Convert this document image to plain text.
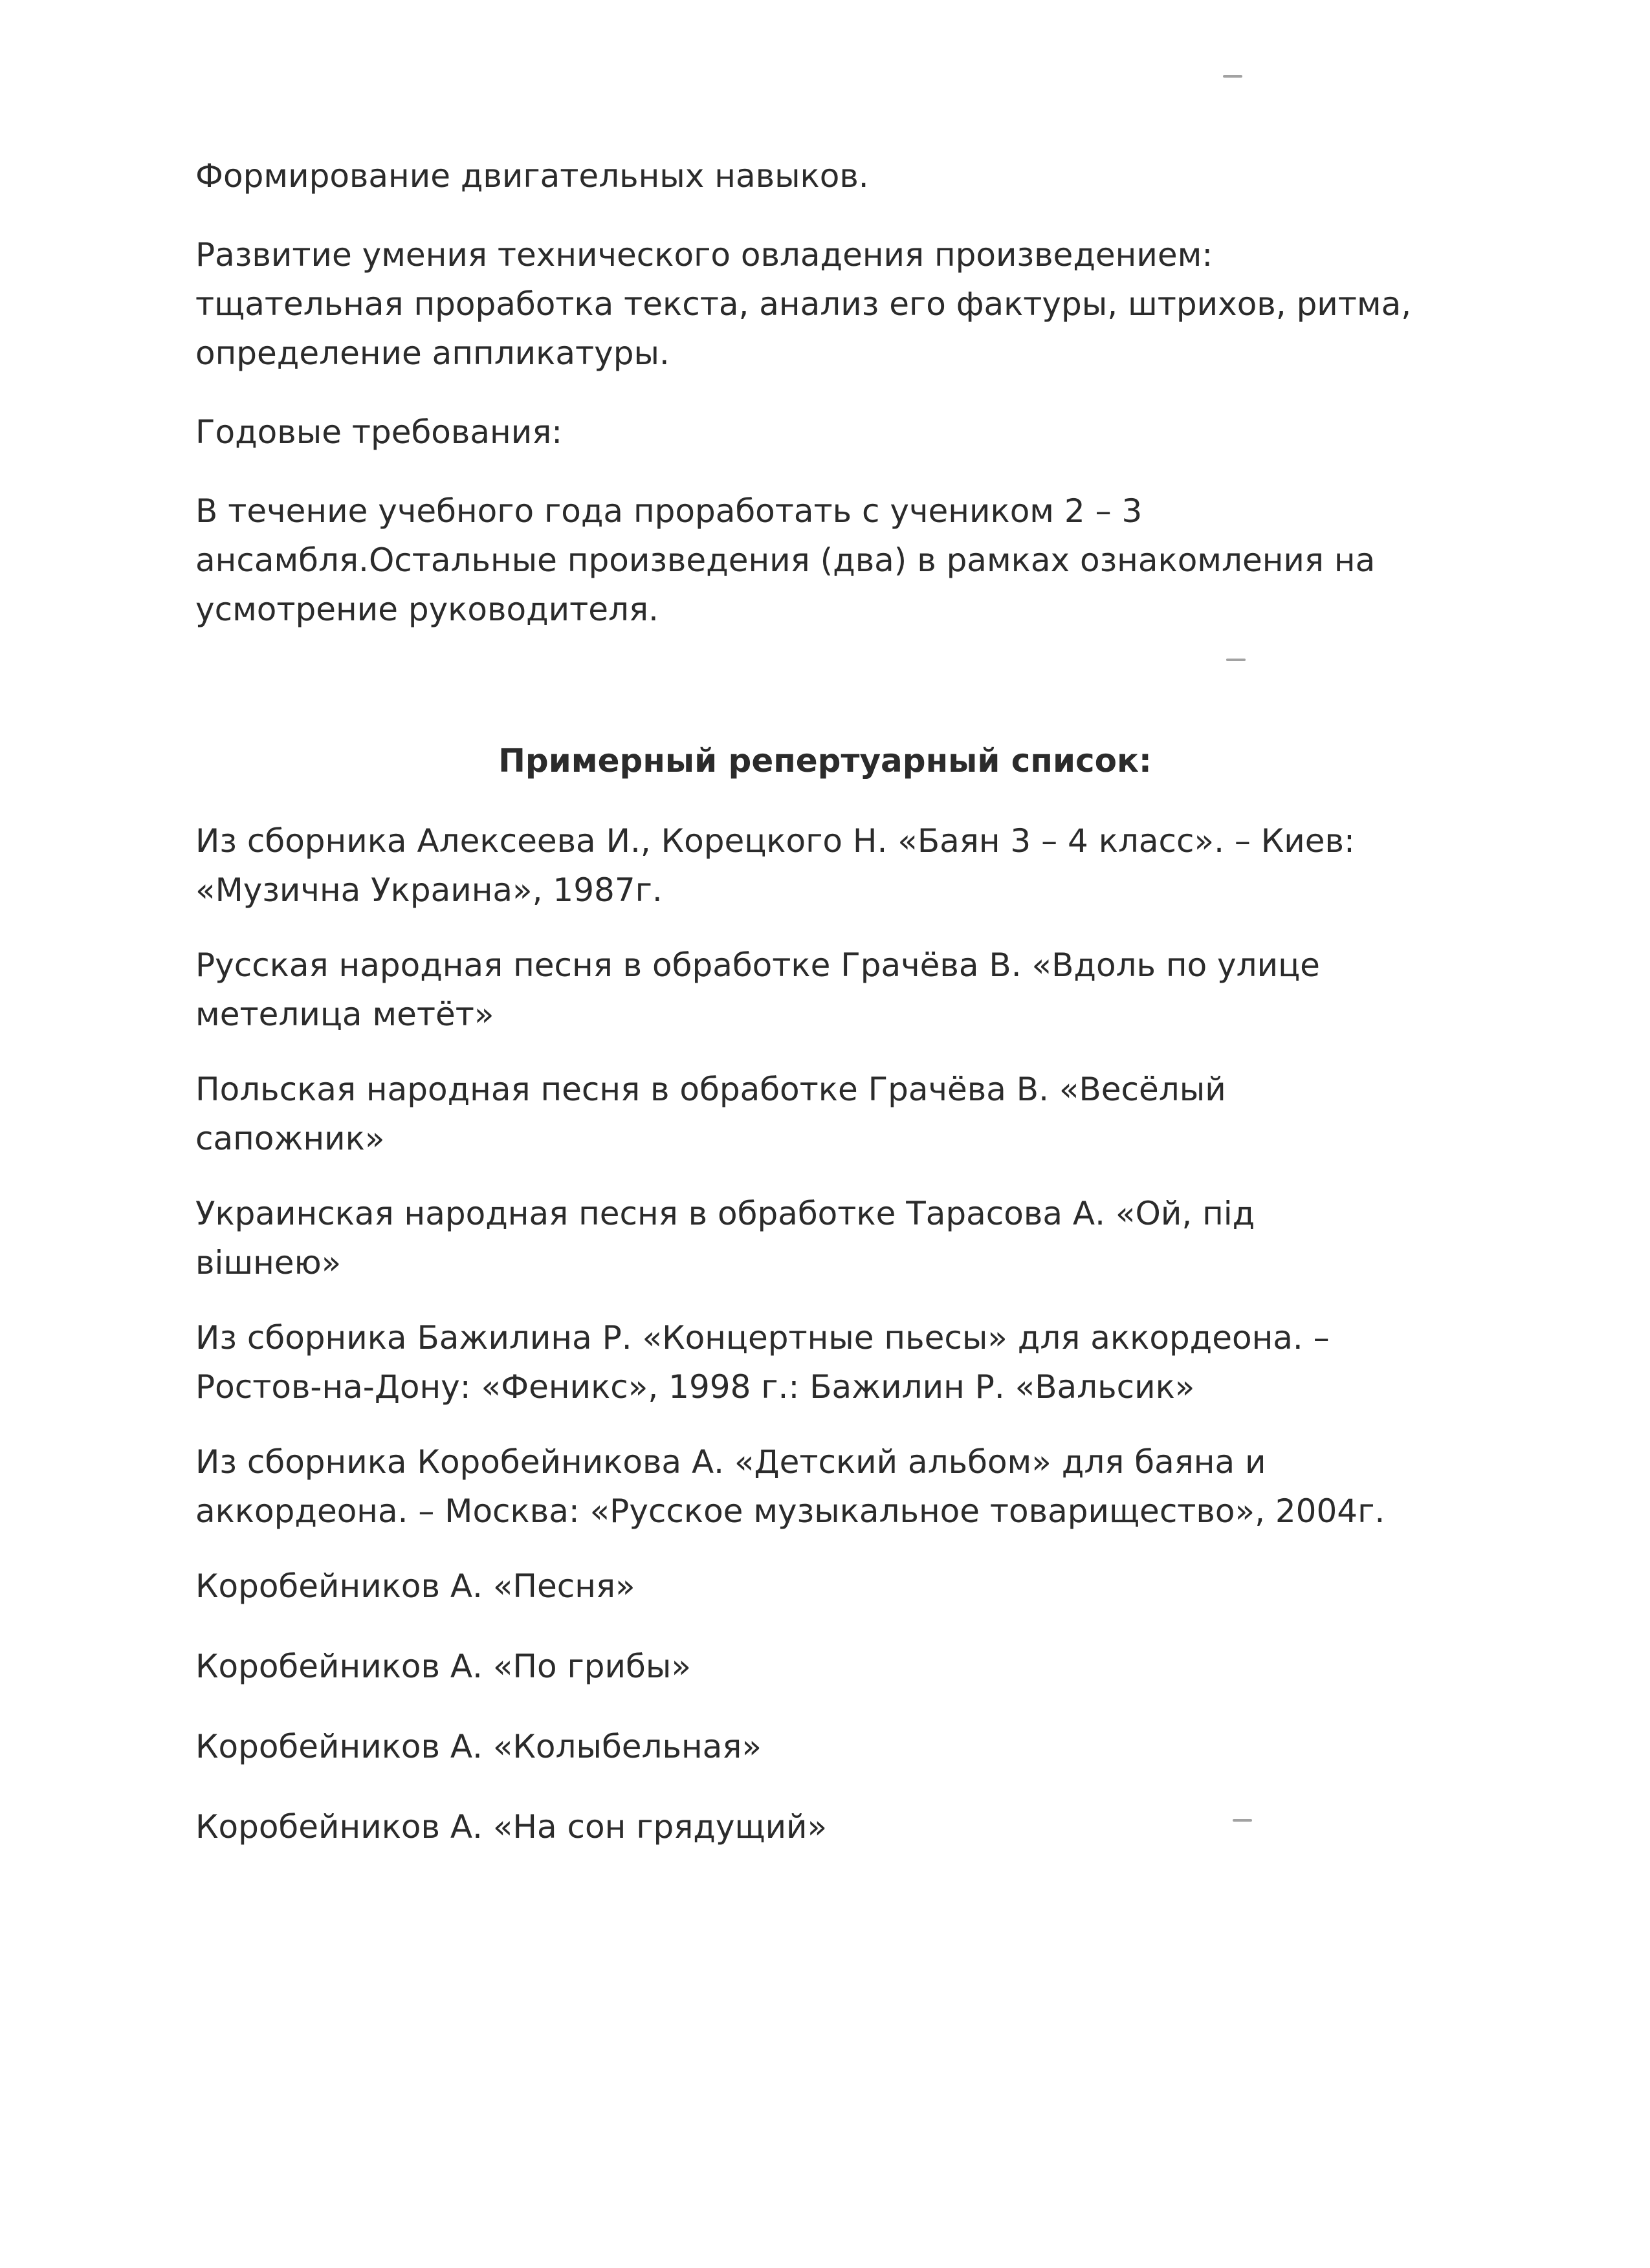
Формирование двигательных навыков.

Развитие умения технического овладения произведением:
тщательная проработка текста, анализ его фактуры, штрихов, ритма,
определение аппликатуры.

Годовые требования:

В течение учебного года проработать с учеником 2 – 3
ансамбля.Остальные произведения (два) в рамках ознакомления на
усмотрение руководителя.

Примерный репертуарный список:

Из сборника Алексеева И., Корецкого Н. «Баян 3 – 4 класс». – Киев:
«Музична Украина», 1987г.

Русская народная песня в обработке Грачёва В. «Вдоль по улице
метелица метёт»

Польская народная песня в обработке Грачёва В. «Весёлый
сапожник»

Украинская народная песня в обработке Тарасова А. «Ой, під
вішнею»

Из сборника Бажилина Р. «Концертные пьесы» для аккордеона. –
Ростов-на-Дону: «Феникс», 1998 г.: Бажилин Р. «Вальсик»

Из сборника Коробейникова А. «Детский альбом» для баяна и
аккордеона. – Москва: «Русское музыкальное товарищество», 2004г.

Коробейников А. «Песня»

Коробейников А. «По грибы»

Коробейников А. «Колыбельная»

Коробейников А. «На сон грядущий»
